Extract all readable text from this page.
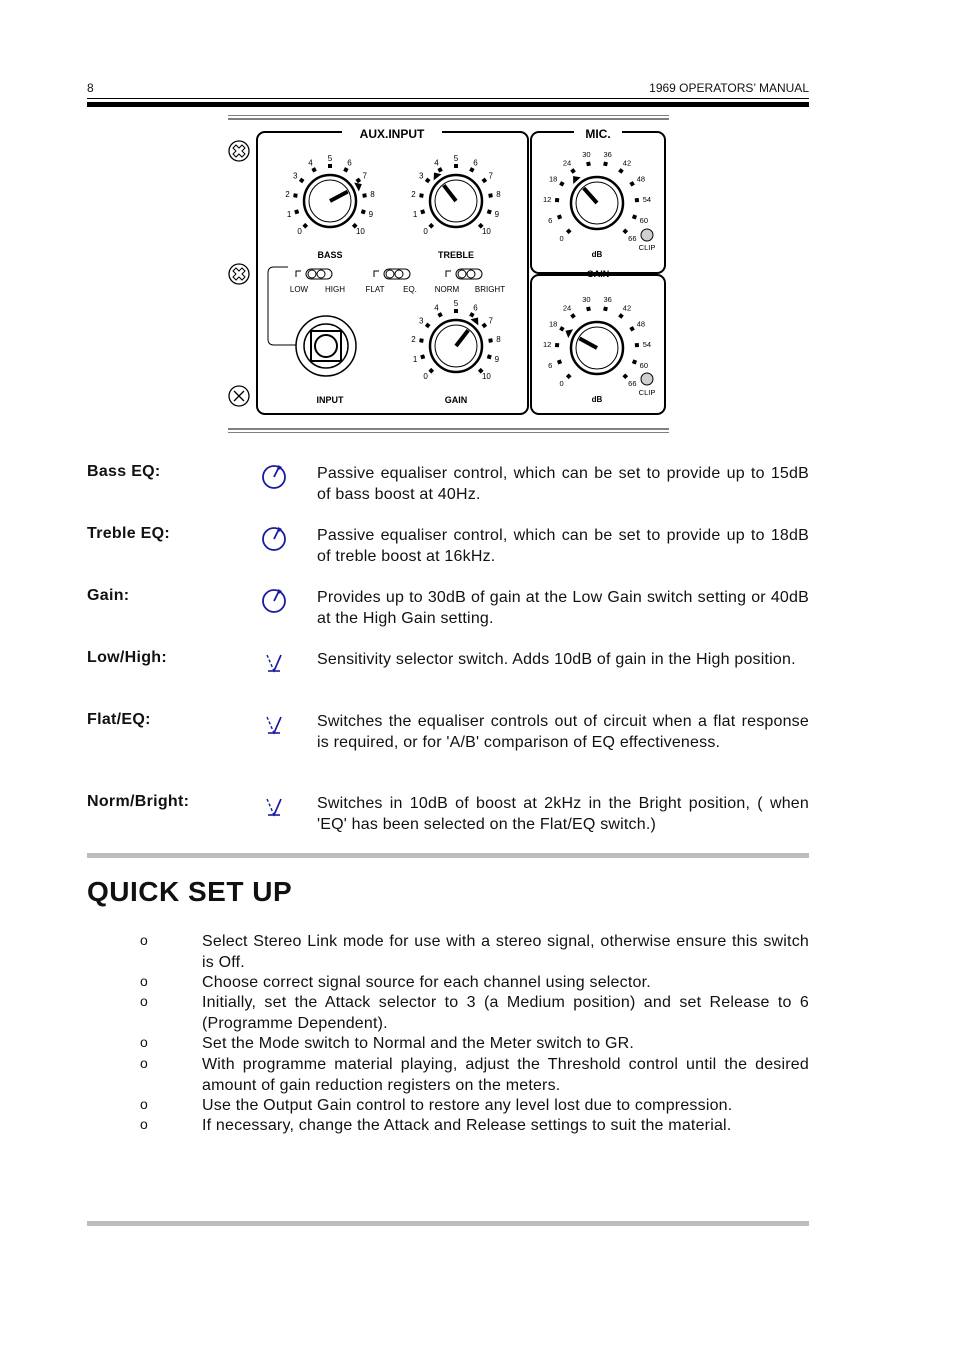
8	1969 OPERATORS’ MANUAL
AUX.INPUT	MIC.
GAIN
0
1
2
3
4
5
6
7
8
9
10	0
1
2
3
4
5
6
7
8
9
10
0
1
2
3
4
5
6
7
8
9
10
0
6
12
18
24
30 36
42
48
54
60
66
0
6
12
18
24
30 36
42
48
54
60
66
BASS	TREBLE
GAIN
LOW HIGH	FLAT EQ. NORM BRIGHT
INPUT
CLIP
CLIP
dB
dB
Bass EQ:	Passive equaliser control, which can be set to provide up to 15dB of bass boost at 40Hz.
Treble EQ:	Passive equaliser control, which can be set to provide up to 18dB of treble boost at 16kHz.
Gain:	Provides up to 30dB of gain at the Low Gain switch setting or 40dB at the High Gain setting.
Low/High:	Sensitivity selector switch. Adds 10dB of gain in the High position.
Flat/EQ:	Switches the equaliser controls out of circuit when a flat response is required, or for 'A/B' comparison of EQ effectiveness.
Norm/Bright:	Switches in 10dB of boost at 2kHz in the Bright position, ( when 'EQ' has been selected on the Flat/EQ switch.)
QUICK SET UP
o	Select Stereo Link mode for use with a stereo signal, otherwise ensure this switch is Off.
o	Choose correct signal source for each channel using selector.
o	Initially, set the Attack selector to 3 (a Medium position) and set Release to 6 (Programme Dependent).
o	Set the Mode switch to Normal and the Meter switch to GR.
o	With programme material playing, adjust the Threshold control until the desired amount of gain reduction registers on the meters.
o	Use the Output Gain control to restore any level lost due to compression.
o	If necessary, change the Attack and Release settings to suit the material.
